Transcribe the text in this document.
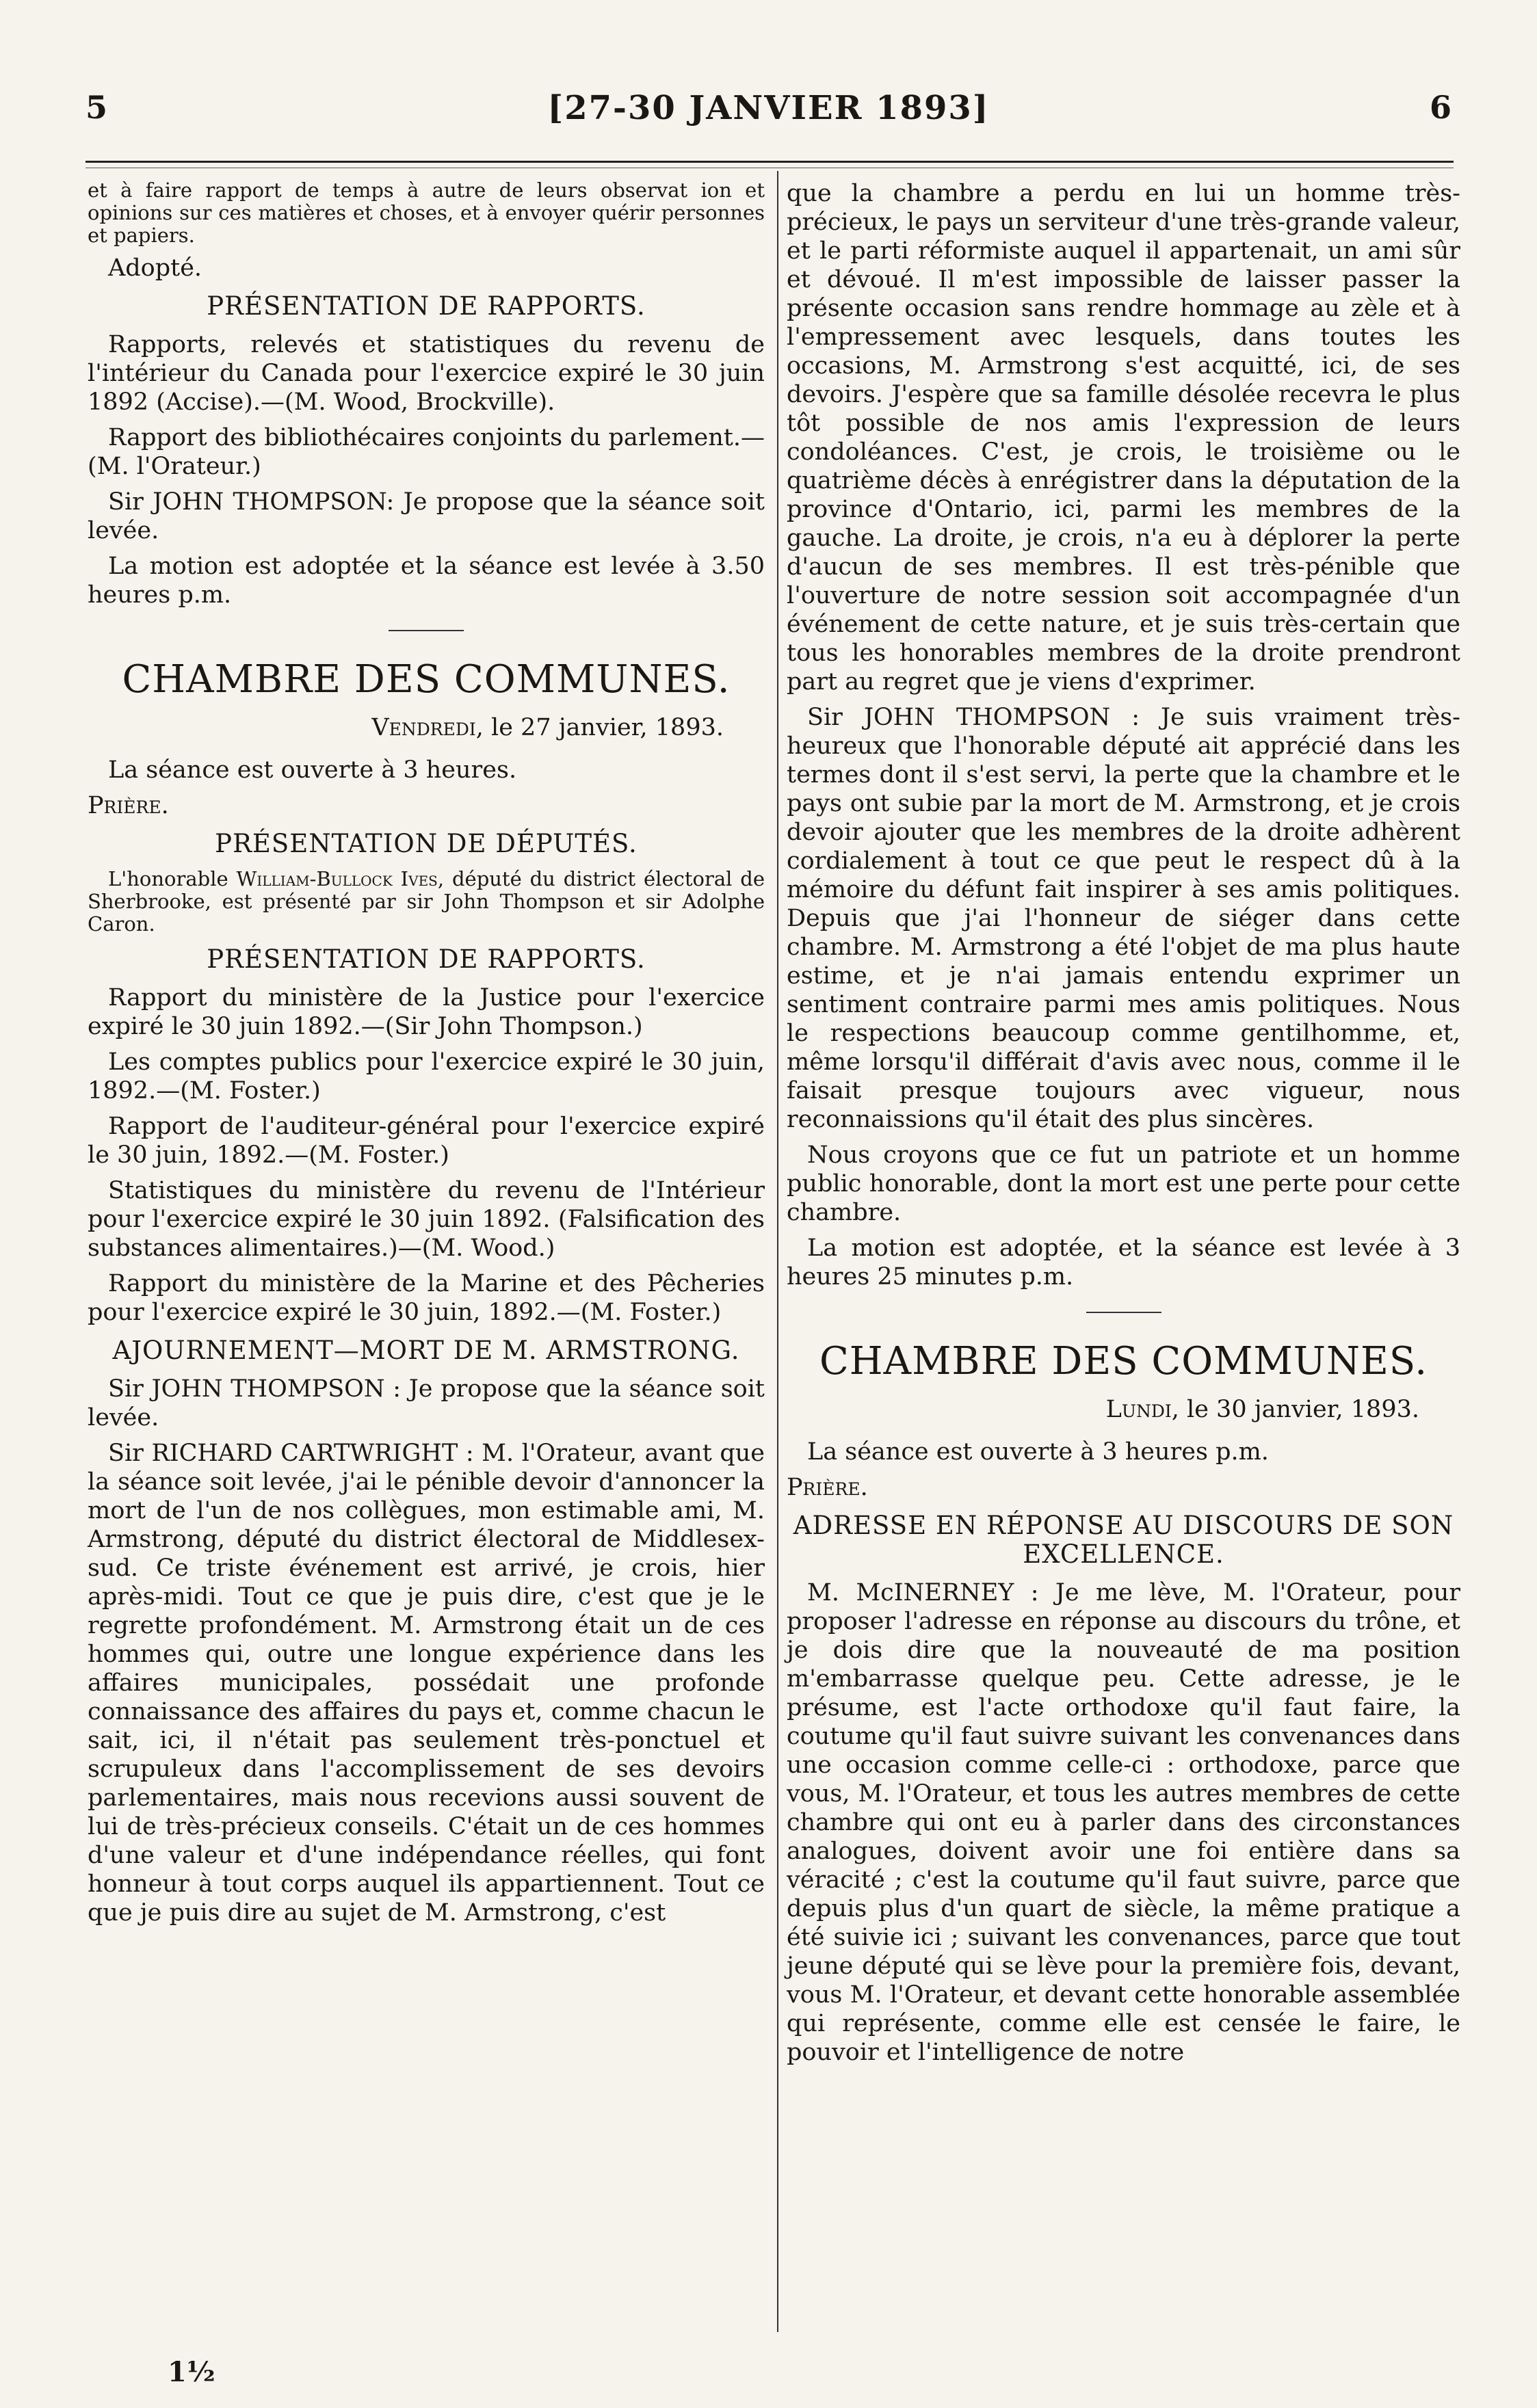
5	[27-30 JANVIER 1893]	6

et à faire rapport de temps à autre de leurs observat ion et opinions sur ces matières et choses, et à envoyer quérir personnes et papiers.

Adopté.

PRÉSENTATION DE RAPPORTS.

Rapports, relevés et statistiques du revenu de l'intérieur du Canada pour l'exercice expiré le 30 juin 1892 (Accise).—(M. Wood, Brockville).

Rapport des bibliothécaires conjoints du parlement.—(M. l'Orateur.)

Sir JOHN THOMPSON: Je propose que la séance soit levée.

La motion est adoptée et la séance est levée à 3.50 heures p.m.

CHAMBRE DES COMMUNES.

Vendredi, le 27 janvier, 1893.

La séance est ouverte à 3 heures.

Prière.

PRÉSENTATION DE DÉPUTÉS.

L'honorable William-Bullock Ives, député du district électoral de Sherbrooke, est présenté par sir John Thompson et sir Adolphe Caron.

PRÉSENTATION DE RAPPORTS.

Rapport du ministère de la Justice pour l'exercice expiré le 30 juin 1892.—(Sir John Thompson.)

Les comptes publics pour l'exercice expiré le 30 juin, 1892.—(M. Foster.)

Rapport de l'auditeur-général pour l'exercice expiré le 30 juin, 1892.—(M. Foster.)

Statistiques du ministère du revenu de l'Intérieur pour l'exercice expiré le 30 juin 1892. (Falsification des substances alimentaires.)—(M. Wood.)

Rapport du ministère de la Marine et des Pêcheries pour l'exercice expiré le 30 juin, 1892.—(M. Foster.)

AJOURNEMENT—MORT DE M. ARMSTRONG.

Sir JOHN THOMPSON : Je propose que la séance soit levée.

Sir RICHARD CARTWRIGHT : M. l'Orateur, avant que la séance soit levée, j'ai le pénible devoir d'annoncer la mort de l'un de nos collègues, mon estimable ami, M. Armstrong, député du district électoral de Middlesex-sud. Ce triste événement est arrivé, je crois, hier après-midi. Tout ce que je puis dire, c'est que je le regrette profondément. M. Armstrong était un de ces hommes qui, outre une longue expérience dans les affaires municipales, possédait une profonde connaissance des affaires du pays et, comme chacun le sait, ici, il n'était pas seulement très-ponctuel et scrupuleux dans l'accomplissement de ses devoirs parlementaires, mais nous recevions aussi souvent de lui de très-précieux conseils. C'était un de ces hommes d'une valeur et d'une indépendance réelles, qui font honneur à tout corps auquel ils appartiennent. Tout ce que je puis dire au sujet de M. Armstrong, c'est

que la chambre a perdu en lui un homme très-précieux, le pays un serviteur d'une très-grande valeur, et le parti réformiste auquel il appartenait, un ami sûr et dévoué. Il m'est impossible de laisser passer la présente occasion sans rendre hommage au zèle et à l'empressement avec lesquels, dans toutes les occasions, M. Armstrong s'est acquitté, ici, de ses devoirs. J'espère que sa famille désolée recevra le plus tôt possible de nos amis l'expression de leurs condoléances. C'est, je crois, le troisième ou le quatrième décès à enrégistrer dans la députation de la province d'Ontario, ici, parmi les membres de la gauche. La droite, je crois, n'a eu à déplorer la perte d'aucun de ses membres. Il est très-pénible que l'ouverture de notre session soit accompagnée d'un événement de cette nature, et je suis très-certain que tous les honorables membres de la droite prendront part au regret que je viens d'exprimer.

Sir JOHN THOMPSON : Je suis vraiment très-heureux que l'honorable député ait apprécié dans les termes dont il s'est servi, la perte que la chambre et le pays ont subie par la mort de M. Armstrong, et je crois devoir ajouter que les membres de la droite adhèrent cordialement à tout ce que peut le respect dû à la mémoire du défunt fait inspirer à ses amis politiques. Depuis que j'ai l'honneur de siéger dans cette chambre. M. Armstrong a été l'objet de ma plus haute estime, et je n'ai jamais entendu exprimer un sentiment contraire parmi mes amis politiques. Nous le respections beaucoup comme gentilhomme, et, même lorsqu'il différait d'avis avec nous, comme il le faisait presque toujours avec vigueur, nous reconnaissions qu'il était des plus sincères.

Nous croyons que ce fut un patriote et un homme public honorable, dont la mort est une perte pour cette chambre.

La motion est adoptée, et la séance est levée à 3 heures 25 minutes p.m.

CHAMBRE DES COMMUNES.

Lundi, le 30 janvier, 1893.

La séance est ouverte à 3 heures p.m.

Prière.

ADRESSE EN RÉPONSE AU DISCOURS DE SON EXCELLENCE.

M. McINERNEY : Je me lève, M. l'Orateur, pour proposer l'adresse en réponse au discours du trône, et je dois dire que la nouveauté de ma position m'embarrasse quelque peu. Cette adresse, je le présume, est l'acte orthodoxe qu'il faut faire, la coutume qu'il faut suivre suivant les convenances dans une occasion comme celle-ci : orthodoxe, parce que vous, M. l'Orateur, et tous les autres membres de cette chambre qui ont eu à parler dans des circonstances analogues, doivent avoir une foi entière dans sa véracité ; c'est la coutume qu'il faut suivre, parce que depuis plus d'un quart de siècle, la même pratique a été suivie ici ; suivant les convenances, parce que tout jeune député qui se lève pour la première fois, devant, vous M. l'Orateur, et devant cette honorable assemblée qui représente, comme elle est censée le faire, le pouvoir et l'intelligence de notre

1½
